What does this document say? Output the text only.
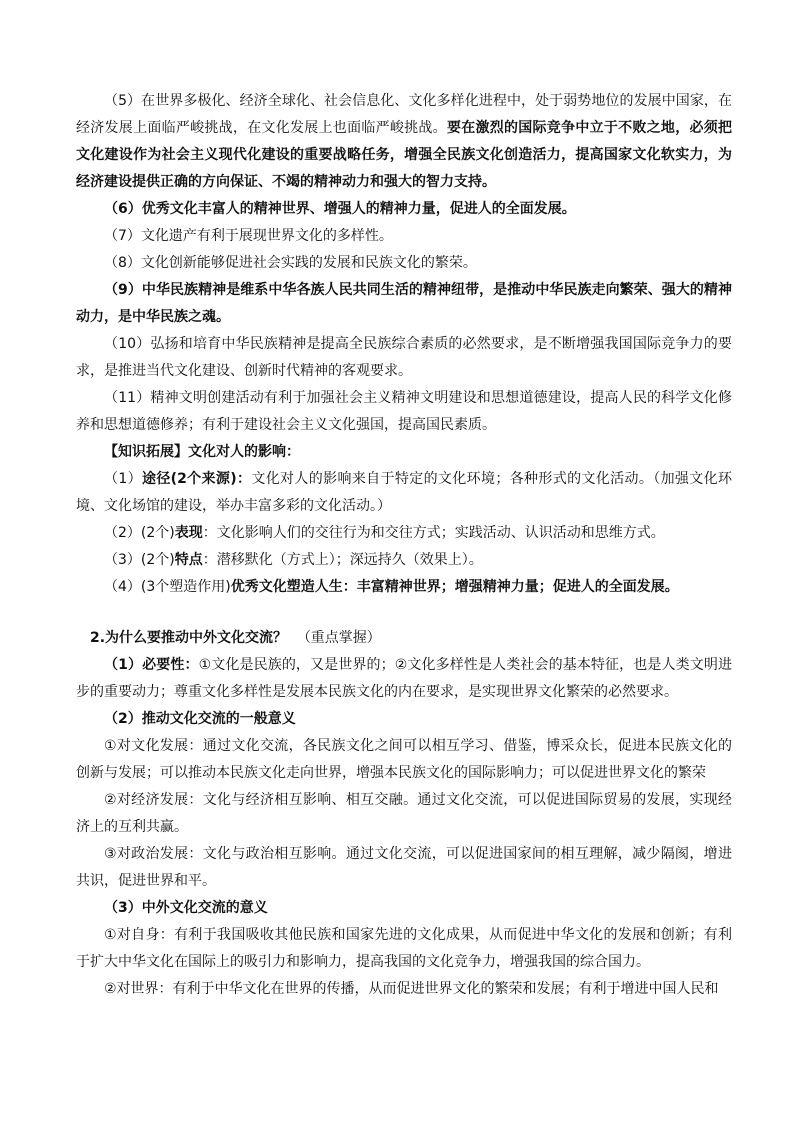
（5）在世界多极化、经济全球化、社会信息化、文化多样化进程中，处于弱势地位的发展中国家，在经济发展上面临严峻挑战，在文化发展上也面临严峻挑战。要在激烈的国际竞争中立于不败之地，必须把文化建设作为社会主义现代化建设的重要战略任务，增强全民族文化创造活力，提高国家文化软实力，为经济建设提供正确的方向保证、不竭的精神动力和强大的智力支持。

（6）优秀文化丰富人的精神世界、增强人的精神力量，促进人的全面发展。

（7）文化遗产有利于展现世界文化的多样性。

（8）文化创新能够促进社会实践的发展和民族文化的繁荣。

（9）中华民族精神是维系中华各族人民共同生活的精神纽带，是推动中华民族走向繁荣、强大的精神动力，是中华民族之魂。

（10）弘扬和培育中华民族精神是提高全民族综合素质的必然要求，是不断增强我国国际竞争力的要求，是推进当代文化建设、创新时代精神的客观要求。

（11）精神文明创建活动有利于加强社会主义精神文明建设和思想道德建设，提高人民的科学文化修养和思想道德修养；有利于建设社会主义文化强国，提高国民素质。

【知识拓展】文化对人的影响：

（1）途径(2个来源)：文化对人的影响来自于特定的文化环境；各种形式的文化活动。（加强文化环境、文化场馆的建设，举办丰富多彩的文化活动。）

（2）(2个)表现：文化影响人们的交往行为和交往方式；实践活动、认识活动和思维方式。

（3）(2个)特点：潜移默化（方式上）；深远持久（效果上）。

（4）(3个塑造作用)优秀文化塑造人生：丰富精神世界；增强精神力量；促进人的全面发展。

2.为什么要推动中外文化交流？ （重点掌握）

（1）必要性：①文化是民族的，又是世界的；②文化多样性是人类社会的基本特征，也是人类文明进步的重要动力；尊重文化多样性是发展本民族文化的内在要求，是实现世界文化繁荣的必然要求。

（2）推动文化交流的一般意义

①对文化发展：通过文化交流，各民族文化之间可以相互学习、借鉴，博采众长，促进本民族文化的创新与发展；可以推动本民族文化走向世界，增强本民族文化的国际影响力；可以促进世界文化的繁荣

②对经济发展：文化与经济相互影响、相互交融。通过文化交流，可以促进国际贸易的发展，实现经济上的互利共赢。

③对政治发展：文化与政治相互影响。通过文化交流，可以促进国家间的相互理解，减少隔阂，增进共识，促进世界和平。

（3）中外文化交流的意义

①对自身：有利于我国吸收其他民族和国家先进的文化成果，从而促进中华文化的发展和创新；有利于扩大中华文化在国际上的吸引力和影响力，提高我国的文化竞争力，增强我国的综合国力。

②对世界：有利于中华文化在世界的传播，从而促进世界文化的繁荣和发展；有利于增进中国人民和
